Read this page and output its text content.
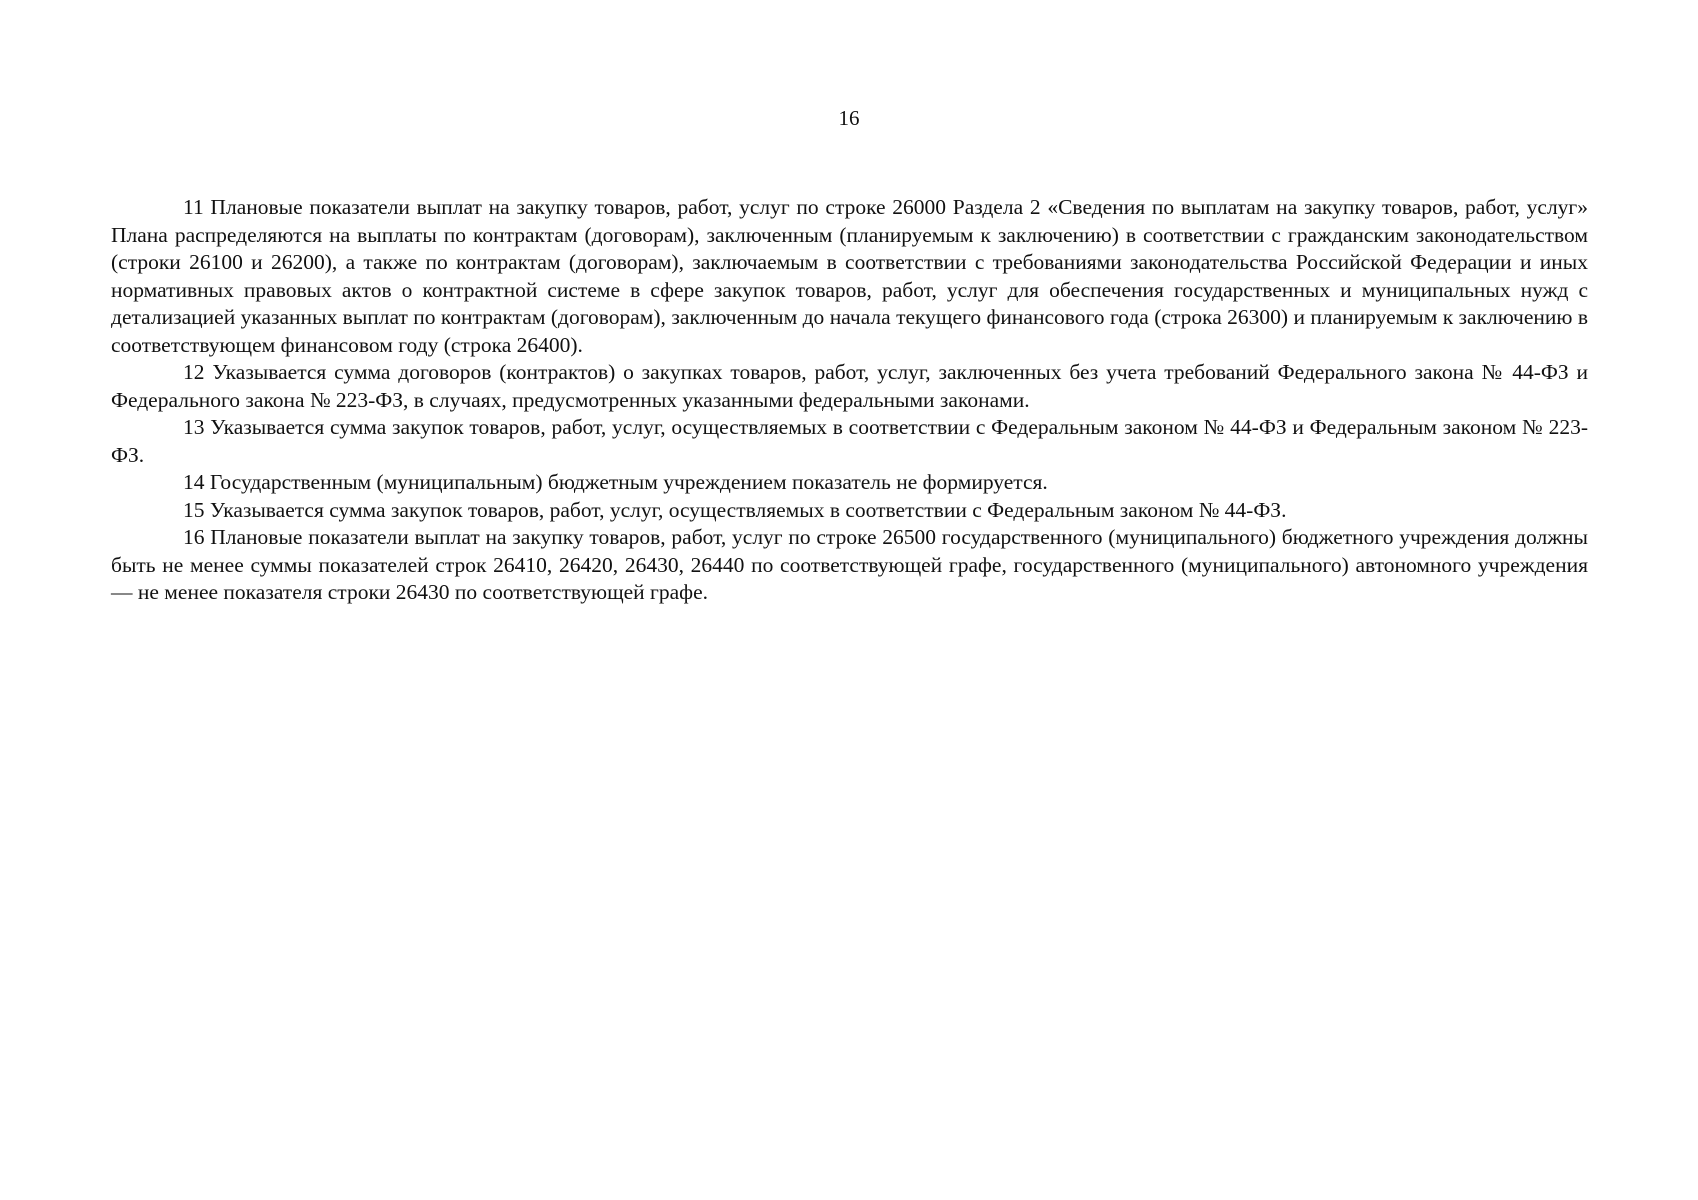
16

11 Плановые показатели выплат на закупку товаров, работ, услуг по строке 26000 Раздела 2 «Сведения по выплатам на закупку товаров, работ, услуг» Плана распределяются на выплаты по контрактам (договорам), заключенным (планируемым к заключению) в соответствии с гражданским законодательством (строки 26100 и 26200), а также по контрактам (договорам), заключаемым в соответствии с требованиями законодательства Российской Федерации и иных нормативных правовых актов о контрактной системе в сфере закупок товаров, работ, услуг для обеспечения государственных и муниципальных нужд с детализацией указанных выплат по контрактам (договорам), заключенным до начала текущего финансового года (строка 26300) и планируемым к заключению в соответствующем финансовом году (строка 26400).

12 Указывается сумма договоров (контрактов) о закупках товаров, работ, услуг, заключенных без учета требований Федерального закона № 44-ФЗ и Федерального закона № 223-ФЗ, в случаях, предусмотренных указанными федеральными законами.

13 Указывается сумма закупок товаров, работ, услуг, осуществляемых в соответствии с Федеральным законом № 44-ФЗ и Федеральным законом № 223-ФЗ.

14 Государственным (муниципальным) бюджетным учреждением показатель не формируется.

15 Указывается сумма закупок товаров, работ, услуг, осуществляемых в соответствии с Федеральным законом № 44-ФЗ.

16 Плановые показатели выплат на закупку товаров, работ, услуг по строке 26500 государственного (муниципального) бюджетного учреждения должны быть не менее суммы показателей строк 26410, 26420, 26430, 26440 по соответствующей графе, государственного (муниципального) автономного учреждения — не менее показателя строки 26430 по соответствующей графе.
